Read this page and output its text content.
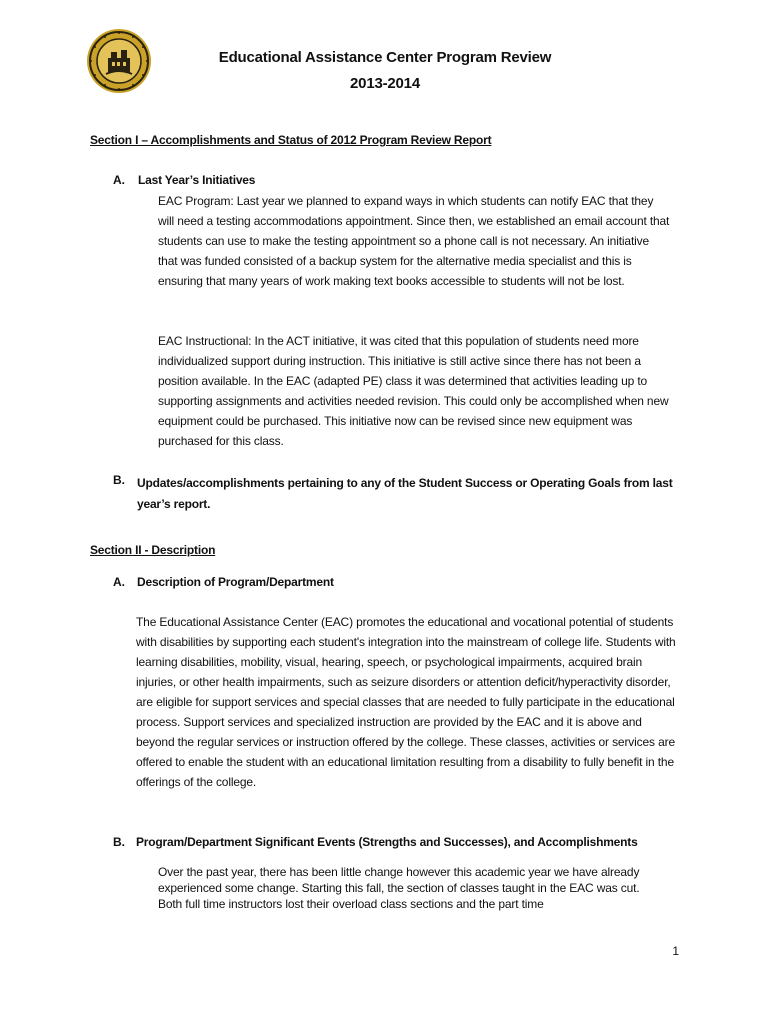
Educational Assistance Center Program Review
2013-2014
Section I – Accomplishments and Status of 2012 Program Review Report
A. Last Year’s Initiatives
EAC Program: Last year we planned to expand ways in which students can notify EAC that they will need a testing accommodations appointment. Since then, we established an email account that students can use to make the testing appointment so a phone call is not necessary. An initiative that was funded consisted of a backup system for the alternative media specialist and this is ensuring that many years of work making text books accessible to students will not be lost.
EAC Instructional: In the ACT initiative, it was cited that this population of students need more individualized support during instruction. This initiative is still active since there has not been a position available. In the EAC (adapted PE) class it was determined that activities leading up to supporting assignments and activities needed revision. This could only be accomplished when new equipment could be purchased. This initiative now can be revised since new equipment was purchased for this class.
B. Updates/accomplishments pertaining to any of the Student Success or Operating Goals from last year’s report.
Section II - Description
A. Description of Program/Department
The Educational Assistance Center (EAC) promotes the educational and vocational potential of students with disabilities by supporting each student's integration into the mainstream of college life. Students with learning disabilities, mobility, visual, hearing, speech, or psychological impairments, acquired brain injuries, or other health impairments, such as seizure disorders or attention deficit/hyperactivity disorder, are eligible for support services and special classes that are needed to fully participate in the educational process. Support services and specialized instruction are provided by the EAC and it is above and beyond the regular services or instruction offered by the college. These classes, activities or services are offered to enable the student with an educational limitation resulting from a disability to fully benefit in the offerings of the college.
B. Program/Department Significant Events (Strengths and Successes), and Accomplishments
Over the past year, there has been little change however this academic year we have already experienced some change. Starting this fall, the section of classes taught in the EAC was cut. Both full time instructors lost their overload class sections and the part time
1
